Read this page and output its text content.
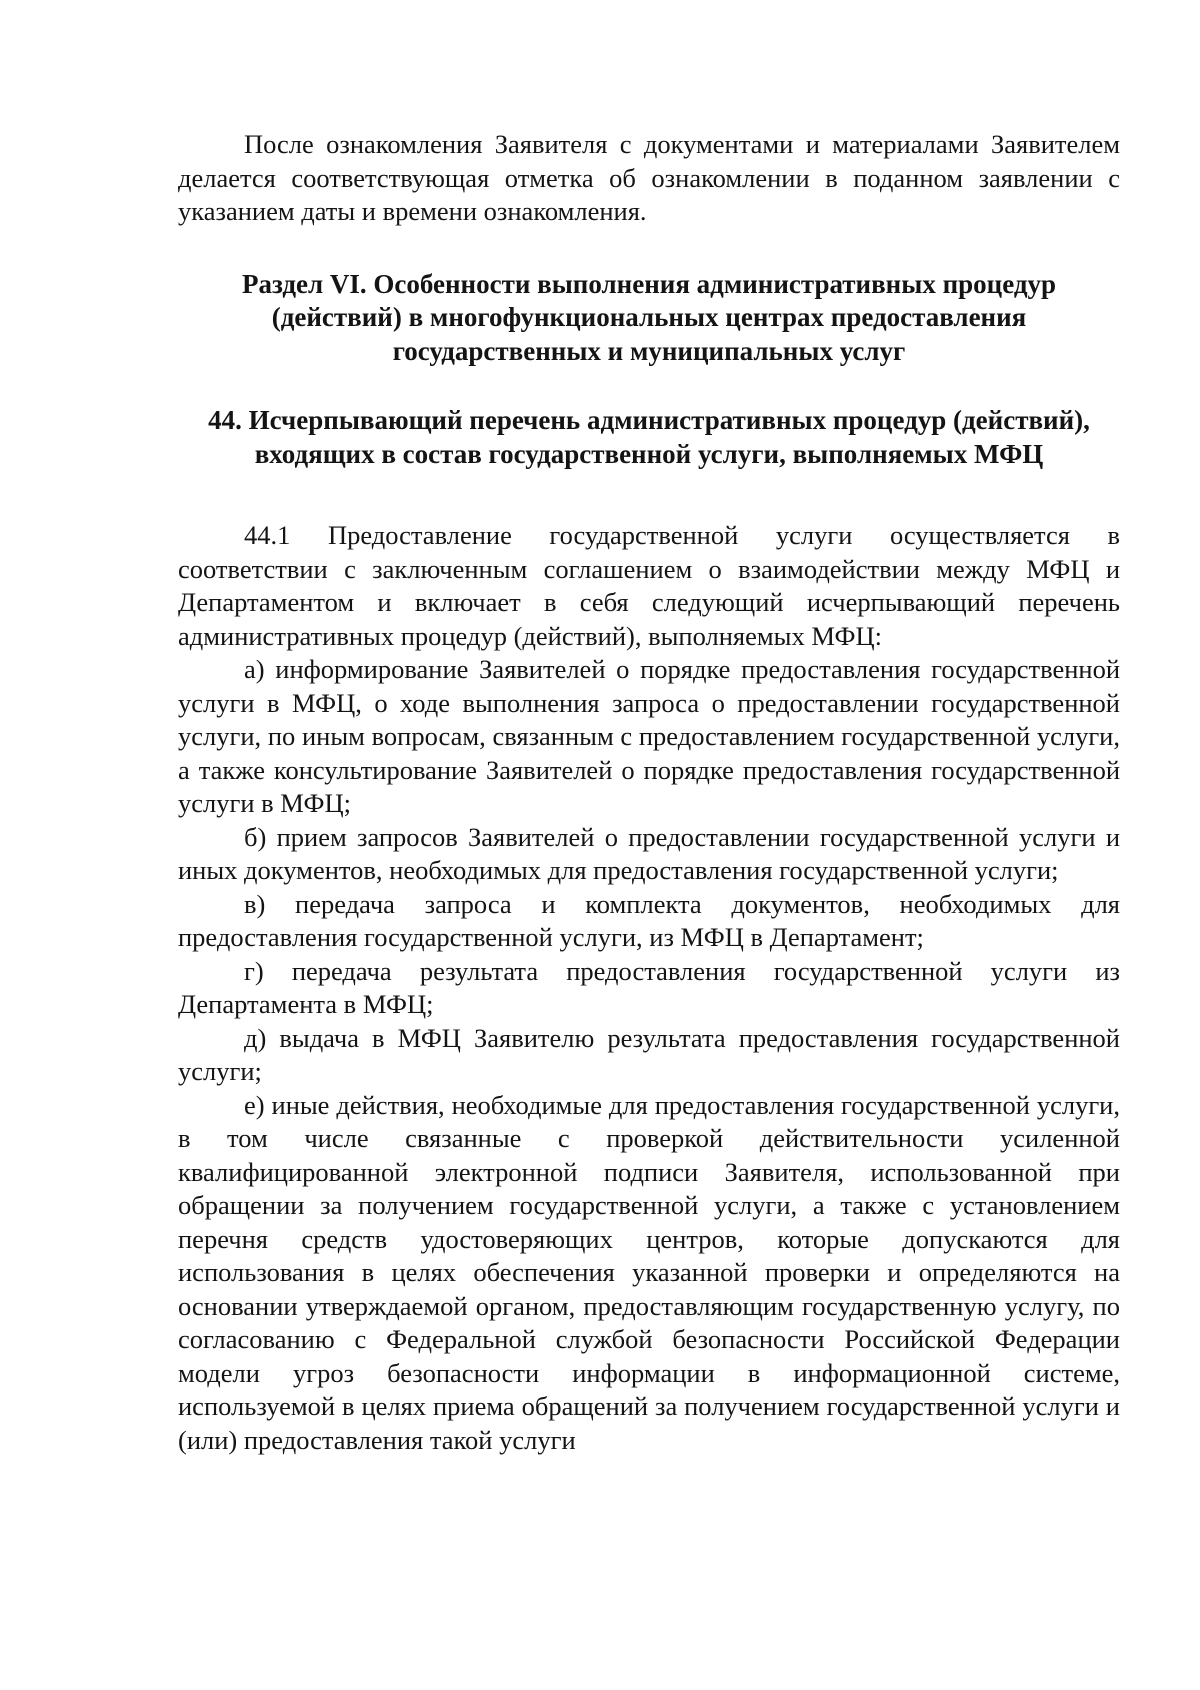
После ознакомления Заявителя с документами и материалами Заявителем делается соответствующая отметка об ознакомлении в поданном заявлении с указанием даты и времени ознакомления.

Раздел VI. Особенности выполнения административных процедур (действий) в многофункциональных центрах предоставления государственных и муниципальных услуг

44. Исчерпывающий перечень административных процедур (действий), входящих в состав государственной услуги, выполняемых МФЦ

44.1 Предоставление государственной услуги осуществляется в соответствии с заключенным соглашением о взаимодействии между МФЦ и Департаментом и включает в себя следующий исчерпывающий перечень административных процедур (действий), выполняемых МФЦ:

а) информирование Заявителей о порядке предоставления государственной услуги в МФЦ, о ходе выполнения запроса о предоставлении государственной услуги, по иным вопросам, связанным с предоставлением государственной услуги, а также консультирование Заявителей о порядке предоставления государственной услуги в МФЦ;

б) прием запросов Заявителей о предоставлении государственной услуги и иных документов, необходимых для предоставления государственной услуги;

в) передача запроса и комплекта документов, необходимых для предоставления государственной услуги, из МФЦ в Департамент;

г) передача результата предоставления государственной услуги из Департамента в МФЦ;

д) выдача в МФЦ Заявителю результата предоставления государственной услуги;

е) иные действия, необходимые для предоставления государственной услуги, в том числе связанные с проверкой действительности усиленной квалифицированной электронной подписи Заявителя, использованной при обращении за получением государственной услуги, а также с установлением перечня средств удостоверяющих центров, которые допускаются для использования в целях обеспечения указанной проверки и определяются на основании утверждаемой органом, предоставляющим государственную услугу, по согласованию с Федеральной службой безопасности Российской Федерации модели угроз безопасности информации в информационной системе, используемой в целях приема обращений за получением государственной услуги и (или) предоставления такой услуги
